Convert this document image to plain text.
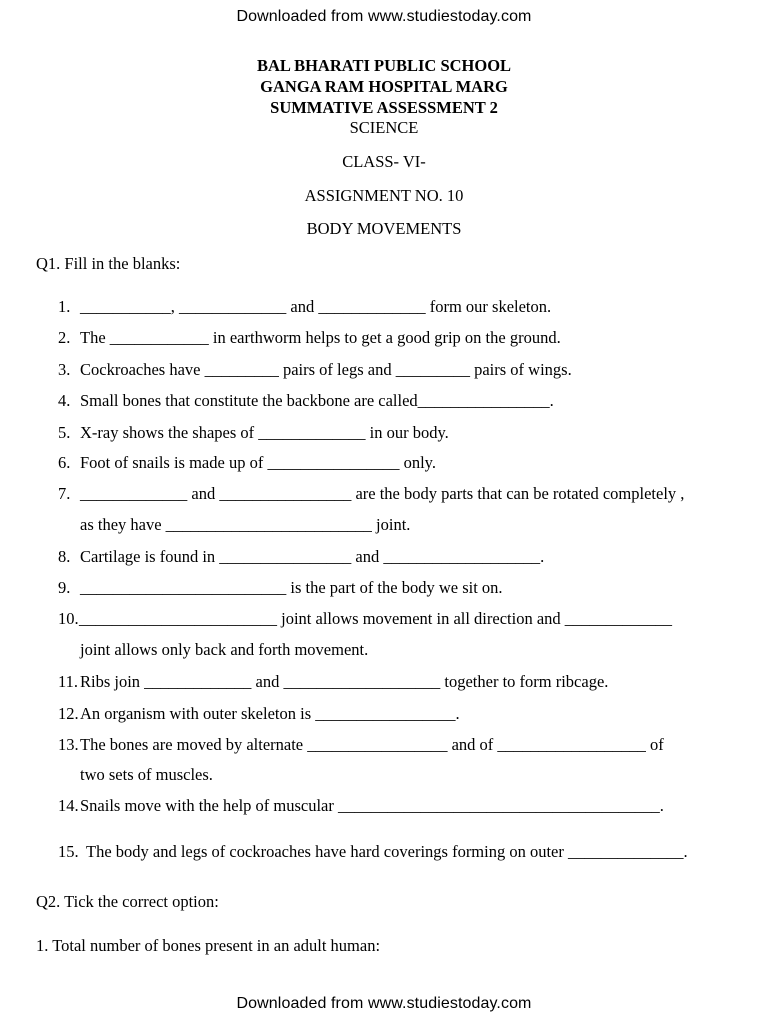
Downloaded from www.studiestoday.com
BAL BHARATI PUBLIC SCHOOL
GANGA RAM HOSPITAL MARG
SUMMATIVE ASSESSMENT 2
SCIENCE
CLASS- VI-
ASSIGNMENT NO. 10
BODY MOVEMENTS
Q1. Fill in the blanks:
1. ___________, _____________ and _____________ form our skeleton.
2. The ____________ in earthworm helps to get a good grip on the ground.
3. Cockroaches have _________ pairs of legs and _________ pairs of wings.
4. Small bones that constitute the backbone are called________________.
5. X-ray shows the shapes of _____________ in our body.
6. Foot of snails is made up of ________________ only.
7. _____________ and ________________ are the body parts that can be rotated completely ,
as they have _________________________ joint.
8. Cartilage is found in ________________ and ___________________.
9. _________________________ is the part of the body we sit on.
10. ________________________ joint allows movement in all direction and _____________
joint allows only back and forth movement.
11. Ribs join _____________ and ___________________ together to form ribcage.
12. An organism with outer skeleton is _________________.
13. The bones are moved by alternate _________________ and of __________________ of
two sets of muscles.
14. Snails move with the help of muscular _______________________________________.
15. The body and legs of cockroaches have hard coverings forming on outer ______________.
Q2. Tick the correct option:
1. Total number of bones present in an adult human:
Downloaded from www.studiestoday.com
